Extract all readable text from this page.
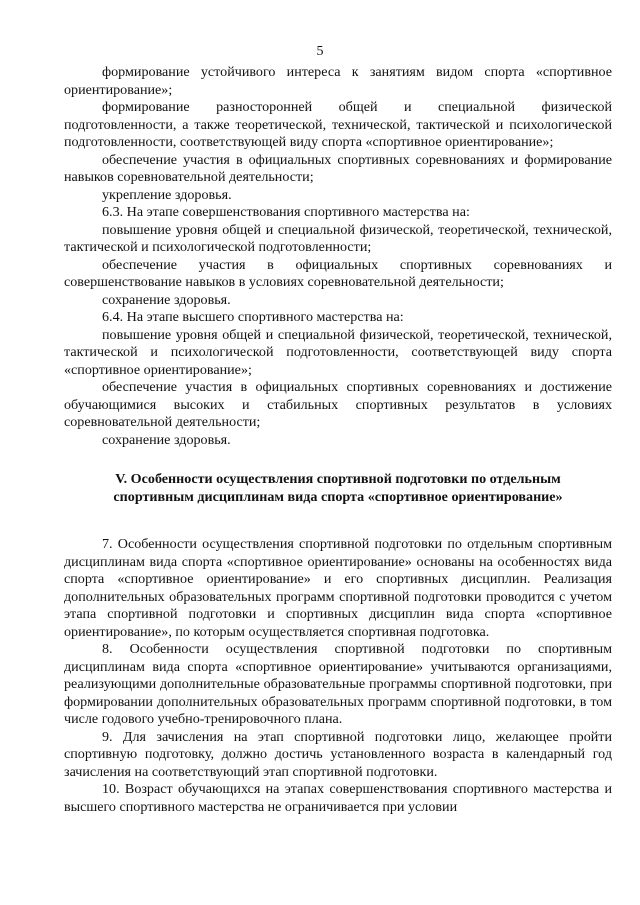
5

формирование устойчивого интереса к занятиям видом спорта «спортивное ориентирование»;

формирование разносторонней общей и специальной физической подготовленности, а также теоретической, технической, тактической и психологической подготовленности, соответствующей виду спорта «спортивное ориентирование»;

обеспечение участия в официальных спортивных соревнованиях и формирование навыков соревновательной деятельности;

укрепление здоровья.

6.3. На этапе совершенствования спортивного мастерства на:

повышение уровня общей и специальной физической, теоретической, технической, тактической и психологической подготовленности;

обеспечение участия в официальных спортивных соревнованиях и совершенствование навыков в условиях соревновательной деятельности;

сохранение здоровья.

6.4. На этапе высшего спортивного мастерства на:

повышение уровня общей и специальной физической, теоретической, технической, тактической и психологической подготовленности, соответствующей виду спорта «спортивное ориентирование»;

обеспечение участия в официальных спортивных соревнованиях и достижение обучающимися высоких и стабильных спортивных результатов в условиях соревновательной деятельности;

сохранение здоровья.

V. Особенности осуществления спортивной подготовки по отдельным спортивным дисциплинам вида спорта «спортивное ориентирование»

7. Особенности осуществления спортивной подготовки по отдельным спортивным дисциплинам вида спорта «спортивное ориентирование» основаны на особенностях вида спорта «спортивное ориентирование» и его спортивных дисциплин. Реализация дополнительных образовательных программ спортивной подготовки проводится с учетом этапа спортивной подготовки и спортивных дисциплин вида спорта «спортивное ориентирование», по которым осуществляется спортивная подготовка.

8. Особенности осуществления спортивной подготовки по спортивным дисциплинам вида спорта «спортивное ориентирование» учитываются организациями, реализующими дополнительные образовательные программы спортивной подготовки, при формировании дополнительных образовательных программ спортивной подготовки, в том числе годового учебно-тренировочного плана.

9. Для зачисления на этап спортивной подготовки лицо, желающее пройти спортивную подготовку, должно достичь установленного возраста в календарный год зачисления на соответствующий этап спортивной подготовки.

10. Возраст обучающихся на этапах совершенствования спортивного мастерства и высшего спортивного мастерства не ограничивается при условии
